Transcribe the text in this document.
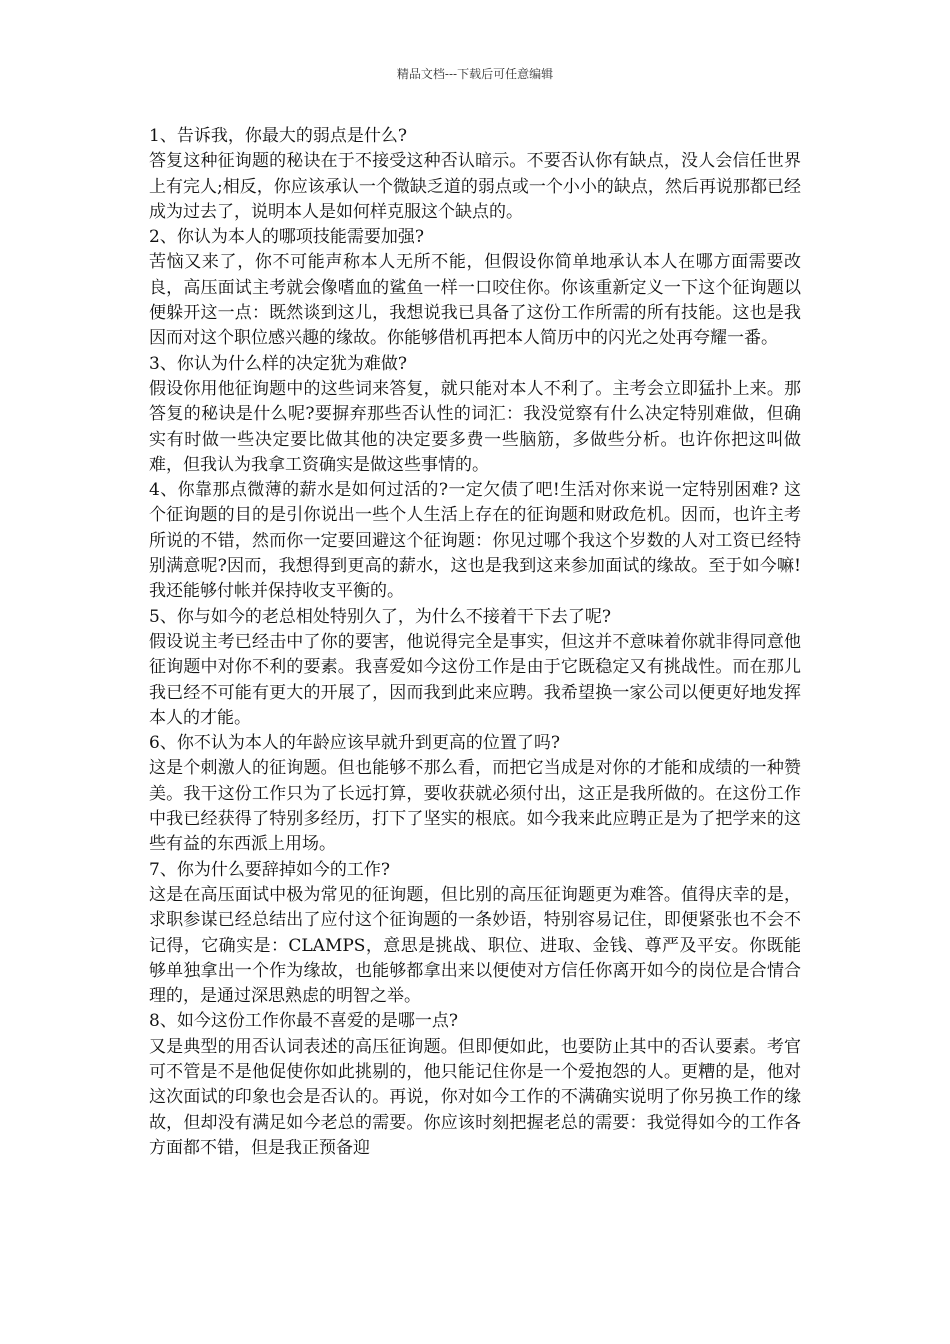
精品文档---下载后可任意编辑

1、告诉我，你最大的弱点是什么?

答复这种征询题的秘诀在于不接受这种否认暗示。不要否认你有缺点，没人会信任世界上有完人;相反，你应该承认一个微缺乏道的弱点或一个小小的缺点，然后再说那都已经成为过去了，说明本人是如何样克服这个缺点的。

2、你认为本人的哪项技能需要加强?

苦恼又来了，你不可能声称本人无所不能，但假设你简单地承认本人在哪方面需要改良，高压面试主考就会像嗜血的鲨鱼一样一口咬住你。你该重新定义一下这个征询题以便躲开这一点：既然谈到这儿，我想说我已具备了这份工作所需的所有技能。这也是我因而对这个职位感兴趣的缘故。你能够借机再把本人简历中的闪光之处再夸耀一番。

3、你认为什么样的决定犹为难做?

假设你用他征询题中的这些词来答复，就只能对本人不利了。主考会立即猛扑上来。那答复的秘诀是什么呢?要摒弃那些否认性的词汇：我没觉察有什么决定特别难做，但确实有时做一些决定要比做其他的决定要多费一些脑筋，多做些分析。也许你把这叫做难，但我认为我拿工资确实是做这些事情的。

4、你靠那点微薄的薪水是如何过活的?一定欠债了吧!生活对你来说一定特别困难? 这个征询题的目的是引你说出一些个人生活上存在的征询题和财政危机。因而，也许主考所说的不错，然而你一定要回避这个征询题：你见过哪个我这个岁数的人对工资已经特别满意呢?因而，我想得到更高的薪水，这也是我到这来参加面试的缘故。至于如今嘛!我还能够付帐并保持收支平衡的。

5、你与如今的老总相处特别久了，为什么不接着干下去了呢?

假设说主考已经击中了你的要害，他说得完全是事实，但这并不意味着你就非得同意他征询题中对你不利的要素。我喜爱如今这份工作是由于它既稳定又有挑战性。而在那儿我已经不可能有更大的开展了，因而我到此来应聘。我希望换一家公司以便更好地发挥本人的才能。

6、你不认为本人的年龄应该早就升到更高的位置了吗?

这是个刺激人的征询题。但也能够不那么看，而把它当成是对你的才能和成绩的一种赞美。我干这份工作只为了长远打算，要收获就必须付出，这正是我所做的。在这份工作中我已经获得了特别多经历，打下了坚实的根底。如今我来此应聘正是为了把学来的这些有益的东西派上用场。

7、你为什么要辞掉如今的工作?

这是在高压面试中极为常见的征询题，但比别的高压征询题更为难答。值得庆幸的是，求职参谋已经总结出了应付这个征询题的一条妙语，特别容易记住，即便紧张也不会不记得，它确实是：CLAMPS，意思是挑战、职位、进取、金钱、尊严及平安。你既能够单独拿出一个作为缘故，也能够都拿出来以便使对方信任你离开如今的岗位是合情合理的，是通过深思熟虑的明智之举。

8、如今这份工作你最不喜爱的是哪一点?

又是典型的用否认词表述的高压征询题。但即便如此，也要防止其中的否认要素。考官可不管是不是他促使你如此挑剔的，他只能记住你是一个爱抱怨的人。更糟的是，他对这次面试的印象也会是否认的。再说，你对如今工作的不满确实说明了你另换工作的缘故，但却没有满足如今老总的需要。你应该时刻把握老总的需要：我觉得如今的工作各方面都不错，但是我正预备迎
